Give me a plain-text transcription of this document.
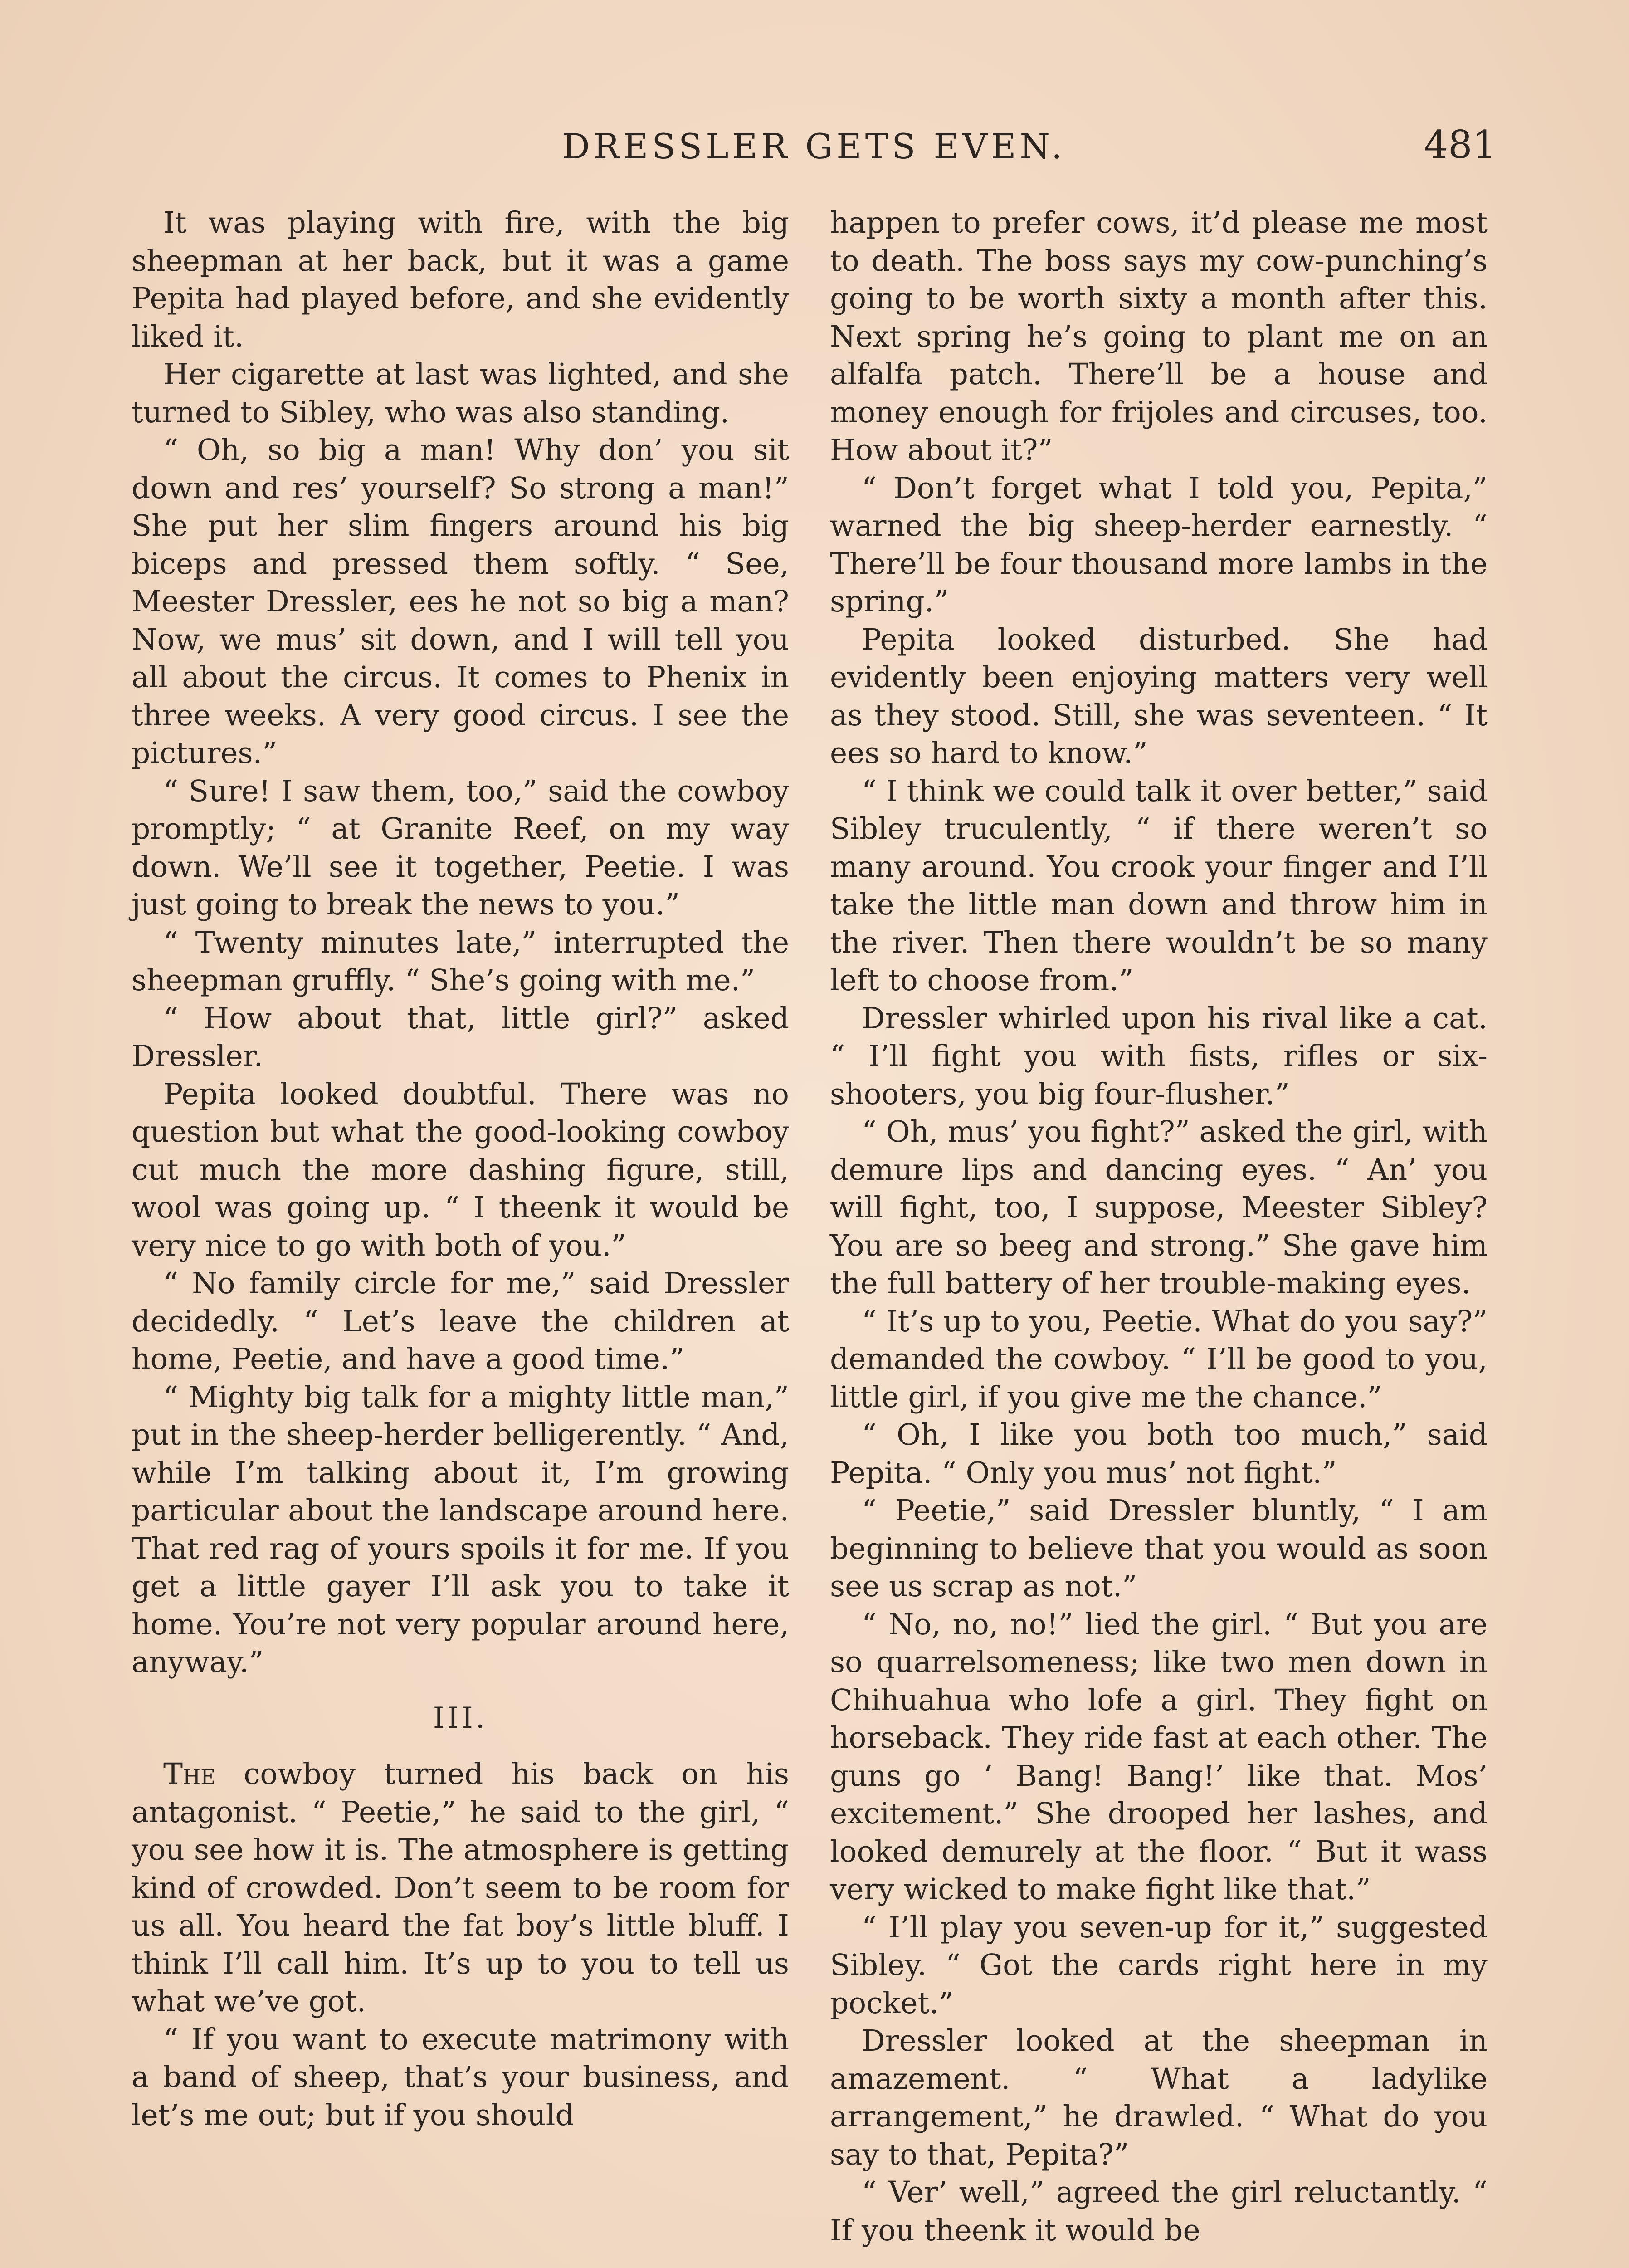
DRESSLER GETS EVEN.	481

It was playing with fire, with the big sheepman at her back, but it was a game Pepita had played before, and she evidently liked it.

Her cigarette at last was lighted, and she turned to Sibley, who was also standing.

“ Oh, so big a man! Why don’ you sit down and res’ yourself? So strong a man!” She put her slim fingers around his big biceps and pressed them softly. “ See, Meester Dressler, ees he not so big a man? Now, we mus’ sit down, and I will tell you all about the circus. It comes to Phenix in three weeks. A very good circus. I see the pictures.”

“ Sure! I saw them, too,” said the cowboy promptly; “ at Granite Reef, on my way down. We’ll see it together, Peetie. I was just going to break the news to you.”

“ Twenty minutes late,” interrupted the sheepman gruffly. “ She’s going with me.”

“ How about that, little girl?” asked Dressler.

Pepita looked doubtful. There was no question but what the good-looking cowboy cut much the more dashing figure, still, wool was going up. “ I theenk it would be very nice to go with both of you.”

“ No family circle for me,” said Dressler decidedly. “ Let’s leave the children at home, Peetie, and have a good time.”

“ Mighty big talk for a mighty little man,” put in the sheep-herder belligerently. “ And, while I’m talking about it, I’m growing particular about the landscape around here. That red rag of yours spoils it for me. If you get a little gayer I’ll ask you to take it home. You’re not very popular around here, anyway.”

III.

The cowboy turned his back on his antagonist. “ Peetie,” he said to the girl, “ you see how it is. The atmosphere is getting kind of crowded. Don’t seem to be room for us all. You heard the fat boy’s little bluff. I think I’ll call him. It’s up to you to tell us what we’ve got.

“ If you want to execute matrimony with a band of sheep, that’s your business, and let’s me out; but if you should

happen to prefer cows, it’d please me most to death. The boss says my cow-punching’s going to be worth sixty a month after this. Next spring he’s going to plant me on an alfalfa patch. There’ll be a house and money enough for frijoles and circuses, too. How about it?”

“ Don’t forget what I told you, Pepita,” warned the big sheep-herder earnestly. “ There’ll be four thousand more lambs in the spring.”

Pepita looked disturbed. She had evidently been enjoying matters very well as they stood. Still, she was seventeen. “ It ees so hard to know.”

“ I think we could talk it over better,” said Sibley truculently, “ if there weren’t so many around. You crook your finger and I’ll take the little man down and throw him in the river. Then there wouldn’t be so many left to choose from.”

Dressler whirled upon his rival like a cat. “ I’ll fight you with fists, rifles or six-shooters, you big four-flusher.”

“ Oh, mus’ you fight?” asked the girl, with demure lips and dancing eyes. “ An’ you will fight, too, I suppose, Meester Sibley? You are so beeg and strong.” She gave him the full battery of her trouble-making eyes.

“ It’s up to you, Peetie. What do you say?” demanded the cowboy. “ I’ll be good to you, little girl, if you give me the chance.”

“ Oh, I like you both too much,” said Pepita. “ Only you mus’ not fight.”

“ Peetie,” said Dressler bluntly, “ I am beginning to believe that you would as soon see us scrap as not.”

“ No, no, no!” lied the girl. “ But you are so quarrelsomeness; like two men down in Chihuahua who lofe a girl. They fight on horseback. They ride fast at each other. The guns go ‘ Bang! Bang!’ like that. Mos’ excitement.” She drooped her lashes, and looked demurely at the floor. “ But it wass very wicked to make fight like that.”

“ I’ll play you seven-up for it,” suggested Sibley. “ Got the cards right here in my pocket.”

Dressler looked at the sheepman in amazement. “ What a ladylike arrangement,” he drawled. “ What do you say to that, Pepita?”

“ Ver’ well,” agreed the girl reluctantly. “ If you theenk it would be
